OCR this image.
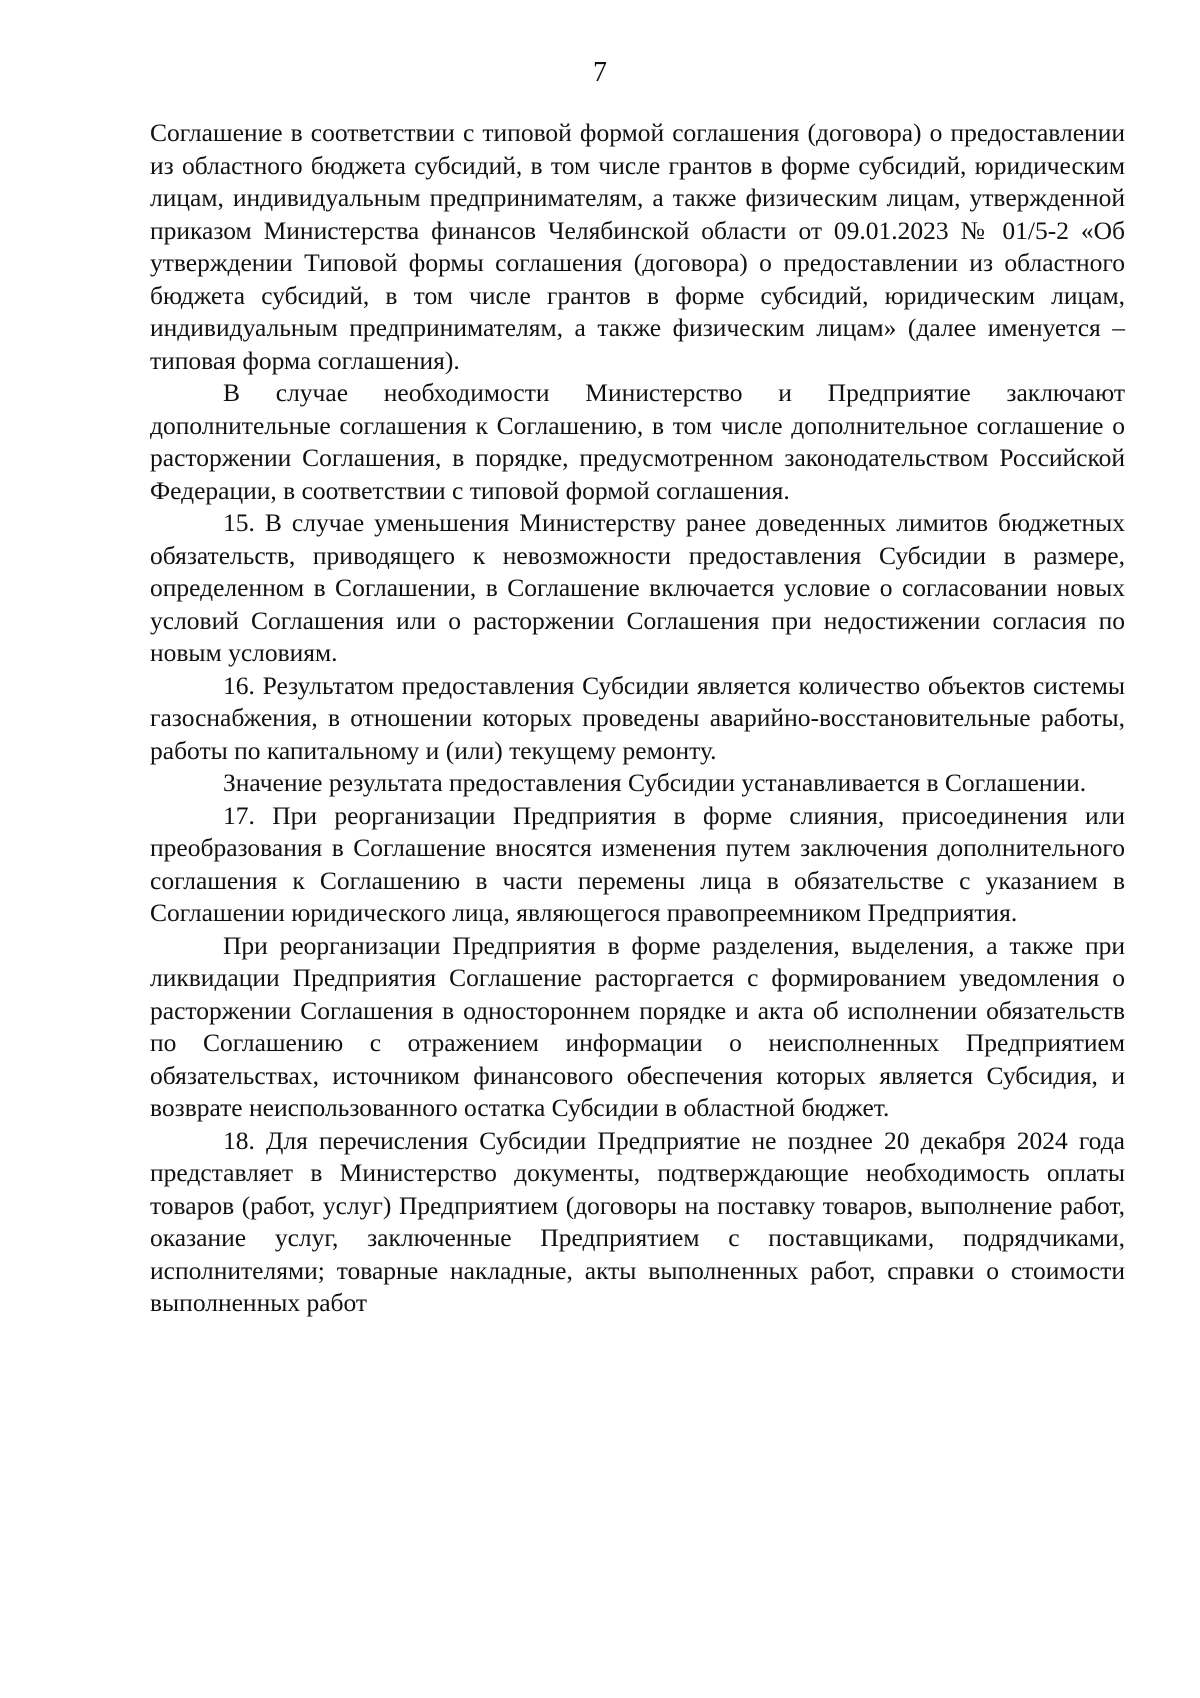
7

Соглашение в соответствии с типовой формой соглашения (договора) о предоставлении из областного бюджета субсидий, в том числе грантов в форме субсидий, юридическим лицам, индивидуальным предпринимателям, а также физическим лицам, утвержденной приказом Министерства финансов Челябинской области от 09.01.2023 № 01/5-2 «Об утверждении Типовой формы соглашения (договора) о предоставлении из областного бюджета субсидий, в том числе грантов в форме субсидий, юридическим лицам, индивидуальным предпринимателям, а также физическим лицам» (далее именуется – типовая форма соглашения).

В случае необходимости Министерство и Предприятие заключают дополнительные соглашения к Соглашению, в том числе дополнительное соглашение о расторжении Соглашения, в порядке, предусмотренном законодательством Российской Федерации, в соответствии с типовой формой соглашения.

15. В случае уменьшения Министерству ранее доведенных лимитов бюджетных обязательств, приводящего к невозможности предоставления Субсидии в размере, определенном в Соглашении, в Соглашение включается условие о согласовании новых условий Соглашения или о расторжении Соглашения при недостижении согласия по новым условиям.

16. Результатом предоставления Субсидии является количество объектов системы газоснабжения, в отношении которых проведены аварийно-восстановительные работы, работы по капитальному и (или) текущему ремонту.

Значение результата предоставления Субсидии устанавливается в Соглашении.

17. При реорганизации Предприятия в форме слияния, присоединения или преобразования в Соглашение вносятся изменения путем заключения дополнительного соглашения к Соглашению в части перемены лица в обязательстве с указанием в Соглашении юридического лица, являющегося правопреемником Предприятия.

При реорганизации Предприятия в форме разделения, выделения, а также при ликвидации Предприятия Соглашение расторгается с формированием уведомления о расторжении Соглашения в одностороннем порядке и акта об исполнении обязательств по Соглашению с отражением информации о неисполненных Предприятием обязательствах, источником финансового обеспечения которых является Субсидия, и возврате неиспользованного остатка Субсидии в областной бюджет.

18. Для перечисления Субсидии Предприятие не позднее 20 декабря 2024 года представляет в Министерство документы, подтверждающие необходимость оплаты товаров (работ, услуг) Предприятием (договоры на поставку товаров, выполнение работ, оказание услуг, заключенные Предприятием с поставщиками, подрядчиками, исполнителями; товарные накладные, акты выполненных работ, справки о стоимости выполненных работ
